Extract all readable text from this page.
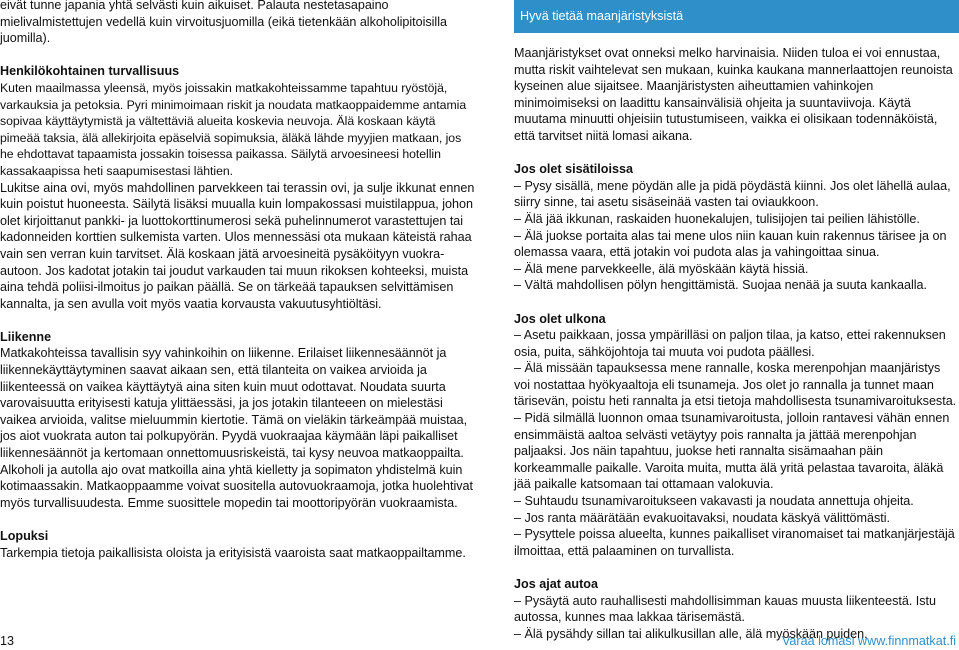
eivät tunne japania yhtä selvästi kuin aikuiset. Palauta nestetasapaino mielivalmistettujen vedellä kuin virvoitusjuomilla (eikä tietenkään alkoholipitoisilla juomilla).

Henkilökohtainen turvallisuus

Kuten maailmassa yleensä, myös joissakin matkakohteissamme tapahtuu ryöstöjä, varkauksia ja petoksia. Pyri minimoimaan riskit ja noudata matkaoppaidemme antamia sopivaa käyttäytymistä ja vältettäviä alueita koskevia neuvoja. Älä koskaan käytä pimeää taksia, älä allekirjoita epäselviä sopimuksia, äläkä lähde myyjien matkaan, jos he ehdottavat tapaamista jossakin toisessa paikassa. Säilytä arvoesineesi hotellin kassakaapissa heti saapumisestasi lähtien.

Lukitse aina ovi, myös mahdollinen parvekkeen tai terassin ovi, ja sulje ikkunat ennen kuin poistut huoneesta. Säilytä lisäksi muualla kuin lompakossasi muistilappua, johon olet kirjoittanut pankki- ja luottokorttinumerosi sekä puhelinnumerot varastettujen tai kadonneiden korttien sulkemista varten. Ulos mennessäsi ota mukaan käteistä rahaa vain sen verran kuin tarvitset. Älä koskaan jätä arvoesineitä pysäköityyn vuokra-autoon. Jos kadotat jotakin tai joudut varkauden tai muun rikoksen kohteeksi, muista aina tehdä poliisi-ilmoitus jo paikan päällä. Se on tärkeää tapauksen selvittämisen kannalta, ja sen avulla voit myös vaatia korvausta vakuutusyhtiöltäsi.

Liikenne

Matkakohteissa tavallisin syy vahinkoihin on liikenne. Erilaiset liikennesäännöt ja liikennekäyttäytyminen saavat aikaan sen, että tilanteita on vaikea arvioida ja liikenteessä on vaikea käyttäytyä aina siten kuin muut odottavat. Noudata suurta varovaisuutta erityisesti katuja ylittäessäsi, ja jos jotakin tilanteeen on mielestäsi vaikea arvioida, valitse mieluummin kiertotie. Tämä on vieläkin tärkeämpää muistaa, jos aiot vuokrata auton tai polkupyörän. Pyydä vuokraajaa käymään läpi paikalliset liikennesäännöt ja kertomaan onnettomuusriskeistä, tai kysy neuvoa matkaoppailta. Alkoholi ja autolla ajo ovat matkoilla aina yhtä kielletty ja sopimaton yhdistelmä kuin kotimaassakin. Matkaoppaamme voivat suositella autovuokraamoja, jotka huolehtivat myös turvallisuudesta. Emme suosittele mopedin tai moottoripyörän vuokraamista.

Lopuksi

Tarkempia tietoja paikallisista oloista ja erityisistä vaaroista saat matkaoppailtamme.

Hyvä tietää maanjäristyksistä

Maanjäristykset ovat onneksi melko harvinaisia. Niiden tuloa ei voi ennustaa, mutta riskit vaihtelevat sen mukaan, kuinka kaukana mannerlaattojen reunoista kyseinen alue sijaitsee. Maanjäristysten aiheuttamien vahinkojen minimoimiseksi on laadittu kansainvälisiä ohjeita ja suuntaviivoja. Käytä muutama minuutti ohjeisiin tutustumiseen, vaikka ei olisikaan todennäköistä, että tarvitset niitä lomasi aikana.

Jos olet sisätiloissa

– Pysy sisällä, mene pöydän alle ja pidä pöydästä kiinni. Jos olet lähellä aulaa, siirry sinne, tai asetu sisäseinää vasten tai oviaukkoon.
– Älä jää ikkunan, raskaiden huonekalujen, tulisijojen tai peilien lähistölle.
– Älä juokse portaita alas tai mene ulos niin kauan kuin rakennus tärisee ja on olemassa vaara, että jotakin voi pudota alas ja vahingoittaa sinua.
– Älä mene parvekkeelle, älä myöskään käytä hissiä.
– Vältä mahdollisen pölyn hengittämistä. Suojaa nenää ja suuta kankaalla.

Jos olet ulkona

– Asetu paikkaan, jossa ympärilläsi on paljon tilaa, ja katso, ettei rakennuksen osia, puita, sähköjohtoja tai muuta voi pudota päällesi.
– Älä missään tapauksessa mene rannalle, koska merenpohjan maanjäristys voi nostattaa hyökyaaltoja eli tsunameja. Jos olet jo rannalla ja tunnet maan tärisevän, poistu heti rannalta ja etsi tietoja mahdollisesta tsunamivaroituksesta.
– Pidä silmällä luonnon omaa tsunamivaroitusta, jolloin rantavesi vähän ennen ensimmäistä aaltoa selvästi vetäytyy pois rannalta ja jättää merenpohjan  paljaaksi. Jos näin tapahtuu, juokse heti rannalta sisämaahan päin korkeammalle paikalle. Varoita muita, mutta älä yritä pelastaa tavaroita, äläkä jää paikalle katsomaan tai ottamaan valokuvia.
– Suhtaudu tsunamivaroitukseen vakavasti ja noudata annettuja ohjeita.
– Jos ranta määrätään evakuoitavaksi, noudata käskyä välittömästi.
– Pysyttele poissa alueelta, kunnes paikalliset viranomaiset tai matkanjärjestäjä ilmoittaa, että palaaminen on turvallista.

Jos ajat autoa

– Pysäytä auto rauhallisesti mahdollisimman kauas muusta liikenteestä. Istu autossa, kunnes maa lakkaa tärisemästä.
– Älä pysähdy sillan tai alikulkusillan alle, älä myöskään puiden,

13	Varaa lomasi www.finnmatkat.fi
